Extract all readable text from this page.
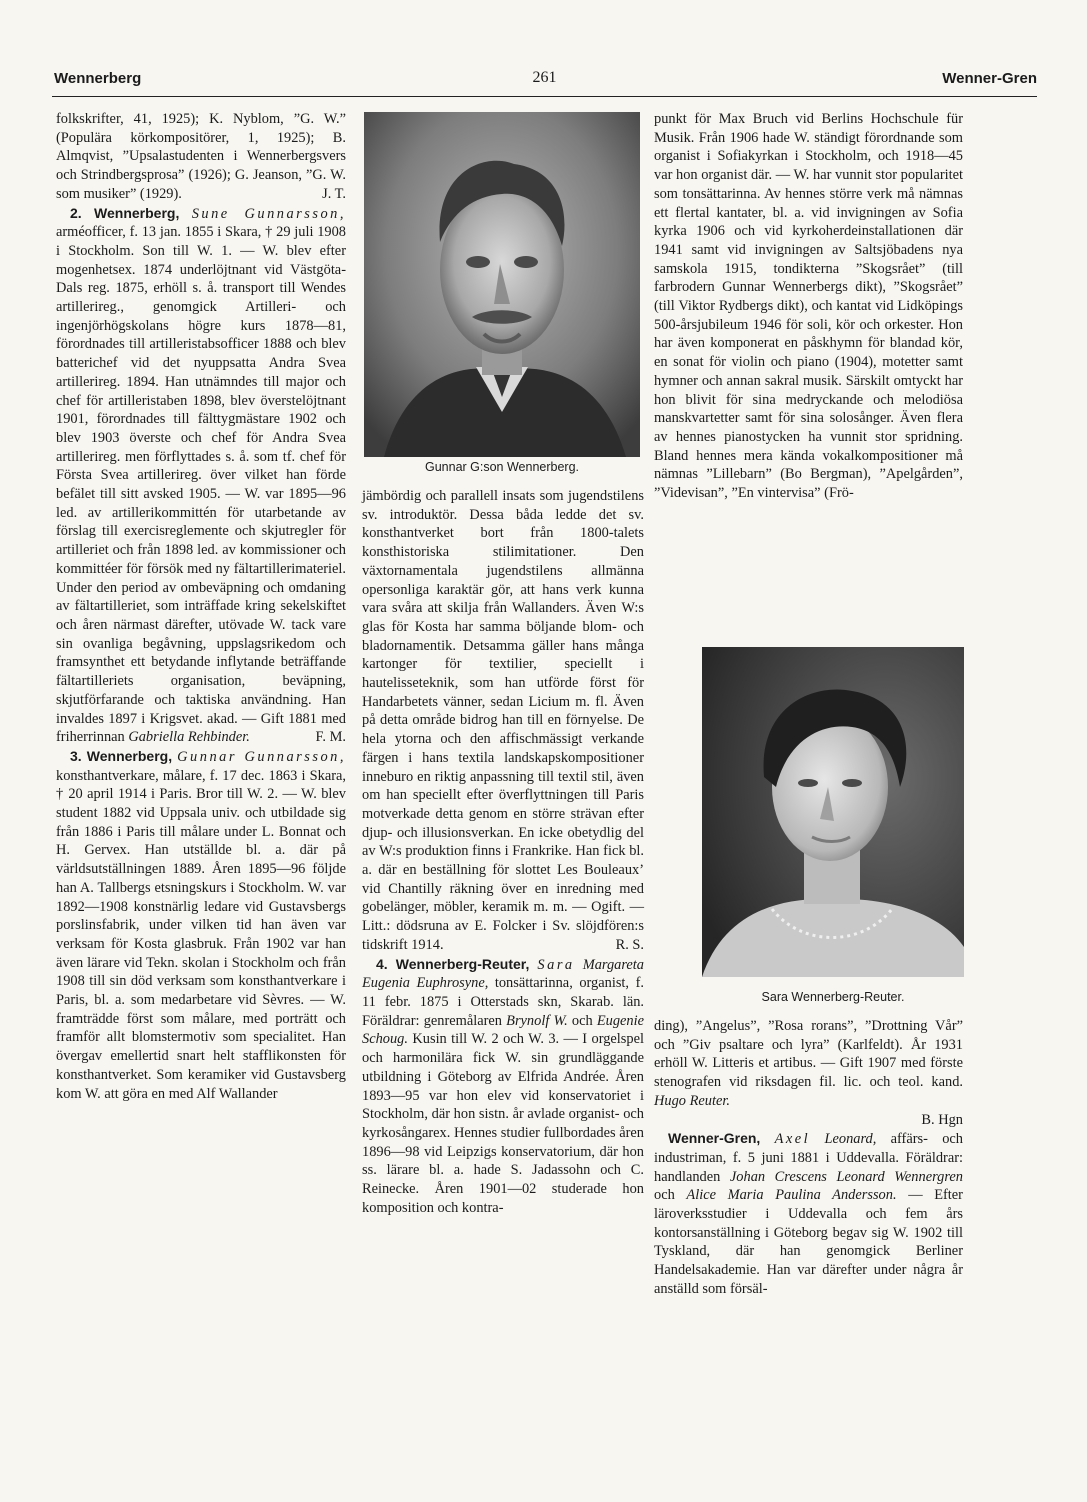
Wennerberg	261	Wenner-Gren

folkskrifter, 41, 1925); K. Nyblom, ”G. W.” (Populära körkompositörer, 1, 1925); B. Almqvist, ”Upsalastudenten i Wennerbergsvers och Strindbergsprosa” (1926); G. Jeanson, ”G. W. som musiker” (1929).	J. T.

2. Wennerberg, Sune Gunnarsson, arméofficer, f. 13 jan. 1855 i Skara, † 29 juli 1908 i Stockholm. Son till W. 1. — W. blev efter mogenhetsex. 1874 underlöjtnant vid Västgöta-Dals reg. 1875, erhöll s. å. transport till Wendes artillerireg., genomgick Artilleri- och ingenjörhögskolans högre kurs 1878—81, förordnades till artilleristabsofficer 1888 och blev batterichef vid det nyuppsatta Andra Svea artillerireg. 1894. Han utnämndes till major och chef för artilleristaben 1898, blev överstelöjtnant 1901, förordnades till fälttygmästare 1902 och blev 1903 överste och chef för Andra Svea artillerireg. men förflyttades s. å. som tf. chef för Första Svea artillerireg. över vilket han förde befälet till sitt avsked 1905. — W. var 1895—96 led. av artillerikommittén för utarbetande av förslag till exercisreglemente och skjutregler för artilleriet och från 1898 led. av kommissioner och kommittéer för försök med ny fältartillerimateriel. Under den period av ombeväpning och omdaning av fältartilleriet, som inträffade kring sekelskiftet och åren närmast därefter, utövade W. tack vare sin ovanliga begåvning, uppslagsrikedom och framsynthet ett betydande inflytande beträffande fältartilleriets organisation, beväpning, skjutförfarande och taktiska användning. Han invaldes 1897 i Krigsvet. akad. — Gift 1881 med friherrinnan Gabriella Rehbinder.	F. M.

3. Wennerberg, Gunnar Gunnarsson, konsthantverkare, målare, f. 17 dec. 1863 i Skara, † 20 april 1914 i Paris. Bror till W. 2. — W. blev student 1882 vid Uppsala univ. och utbildade sig från 1886 i Paris till målare under L. Bonnat och H. Gervex. Han utställde bl. a. där på världsutställningen 1889. Åren 1895—96 följde han A. Tallbergs etsningskurs i Stockholm. W. var 1892—1908 konstnärlig ledare vid Gustavsbergs porslinsfabrik, under vilken tid han även var verksam för Kosta glasbruk. Från 1902 var han även lärare vid Tekn. skolan i Stockholm och från 1908 till sin död verksam som konsthantverkare i Paris, bl. a. som medarbetare vid Sèvres. — W. framträdde först som målare, med porträtt och framför allt blomstermotiv som specialitet. Han övergav emellertid snart helt stafflikonsten för konsthantverket. Som keramiker vid Gustavsberg kom W. att göra en med Alf Wallander

Gunnar G:son Wennerberg.

jämbördig och parallell insats som jugendstilens sv. introduktör. Dessa båda ledde det sv. konsthantverket bort från 1800-talets konsthistoriska stilimitationer. Den växtornamentala jugendstilens allmänna opersonliga karaktär gör, att hans verk kunna vara svåra att skilja från Wallanders. Även W:s glas för Kosta har samma böljande blom- och bladornamentik. Detsamma gäller hans många kartonger för textilier, speciellt i hautelisseteknik, som han utförde först för Handarbetets vänner, sedan Licium m. fl. Även på detta område bidrog han till en förnyelse. De hela ytorna och den affischmässigt verkande färgen i hans textila landskapskompositioner inneburo en riktig anpassning till textil stil, även om han speciellt efter överflyttningen till Paris motverkade detta genom en större strävan efter djup- och illusionsverkan. En icke obetydlig del av W:s produktion finns i Frankrike. Han fick bl. a. där en beställning för slottet Les Bouleaux’ vid Chantilly räkning över en inredning med gobelänger, möbler, keramik m. m. — Ogift. — Litt.: dödsruna av E. Folcker i Sv. slöjdfören:s tidskrift 1914.	R. S.

4. Wennerberg-Reuter, Sara Margareta Eugenia Euphrosyne, tonsättarinna, organist, f. 11 febr. 1875 i Otterstads skn, Skarab. län. Föräldrar: genremålaren Brynolf W. och Eugenie Schoug. Kusin till W. 2 och W. 3. — I orgelspel och harmonilära fick W. sin grundläggande utbildning i Göteborg av Elfrida Andrée. Åren 1893—95 var hon elev vid konservatoriet i Stockholm, där hon sistn. år avlade organist- och kyrkosångarex. Hennes studier fullbordades åren 1896—98 vid Leipzigs konservatorium, där hon ss. lärare bl. a. hade S. Jadassohn och C. Reinecke. Åren 1901—02 studerade hon komposition och kontra-

punkt för Max Bruch vid Berlins Hochschule für Musik. Från 1906 hade W. ständigt förordnande som organist i Sofiakyrkan i Stockholm, och 1918—45 var hon organist där. — W. har vunnit stor popularitet som tonsättarinna. Av hennes större verk må nämnas ett flertal kantater, bl. a. vid invigningen av Sofia kyrka 1906 och vid kyrkoherdeinstallationen där 1941 samt vid invigningen av Saltsjöbadens nya samskola 1915, tondikterna ”Skogsrået” (till farbrodern Gunnar Wennerbergs dikt), ”Skogsrået” (till Viktor Rydbergs dikt), och kantat vid Lidköpings 500-årsjubileum 1946 för soli, kör och orkester. Hon har även komponerat en påskhymn för blandad kör, en sonat för violin och piano (1904), motetter samt hymner och annan sakral musik. Särskilt omtyckt har hon blivit för sina medryckande och melodiösa manskvartetter samt för sina solosånger. Även flera av hennes pianostycken ha vunnit stor spridning. Bland hennes mera kända vokalkompositioner må nämnas ”Lillebarn” (Bo Bergman), ”Apelgården”, ”Videvisan”, ”En vintervisa” (Frö-

Sara Wennerberg-Reuter.

ding), ”Angelus”, ”Rosa rorans”, ”Drottning Vår” och ”Giv psaltare och lyra” (Karlfeldt). År 1931 erhöll W. Litteris et artibus. — Gift 1907 med förste stenografen vid riksdagen fil. lic. och teol. kand. Hugo Reuter.

B. Hgn

Wenner-Gren, Axel Leonard, affärs- och industriman, f. 5 juni 1881 i Uddevalla. Föräldrar: handlanden Johan Crescens Leonard Wennergren och Alice Maria Paulina Andersson. — Efter läroverksstudier i Uddevalla och fem års kontorsanställning i Göteborg begav sig W. 1902 till Tyskland, där han genomgick Berliner Handelsakademie. Han var därefter under några år anställd som försäl-
